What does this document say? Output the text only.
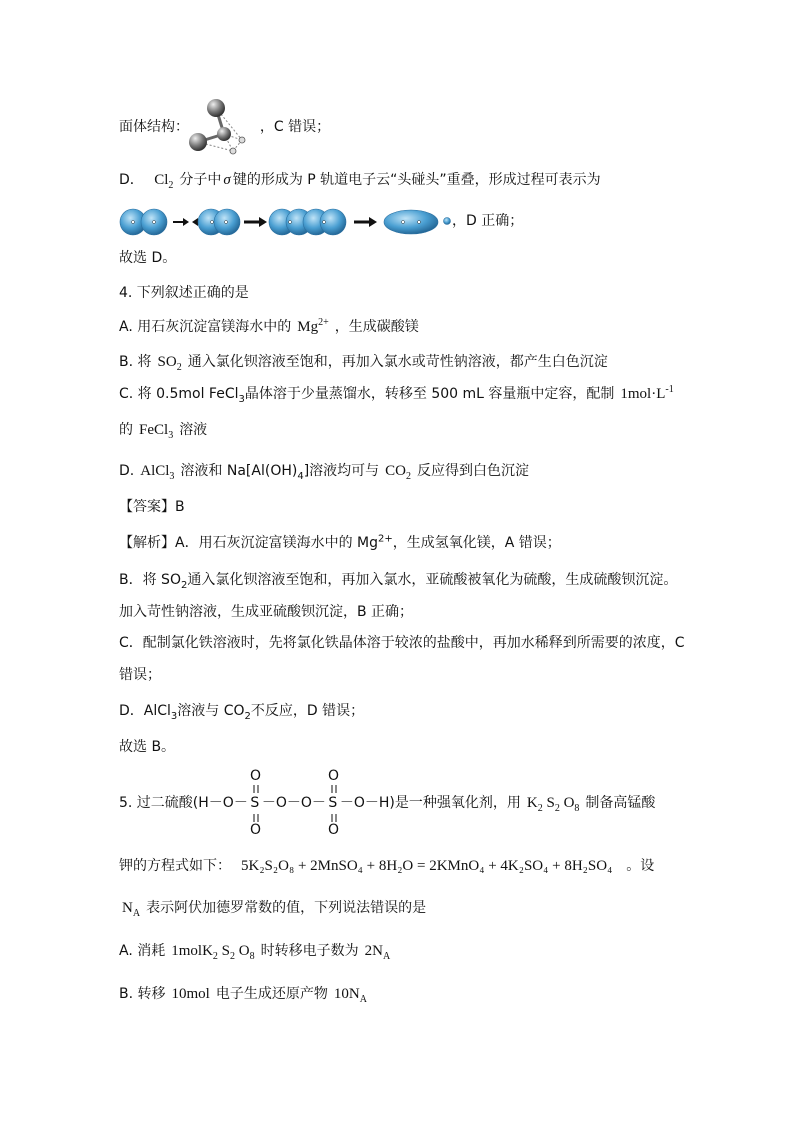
面体结构：	，C 错误；
D． $Cl_2$ 分子中 σ 键的形成为 P 轨道电子云“头碰头”重叠，形成过程可表示为
，D 正确；
故选 D。
4. 下列叙述正确的是
A. 用石灰沉淀富镁海水中的 $Mg^{2+}$ ，生成碳酸镁
B. 将 $SO_2$ 通入氯化钡溶液至饱和，再加入氯水或苛性钠溶液，都产生白色沉淀
C. 将 0.5mol FeCl$_3$晶体溶于少量蒸馏水，转移至 500 mL 容量瓶中定容，配制 $1mol\cdot L^{-1}$
的 FeCl$_3$ 溶液
D. AlCl$_3$ 溶液和 $Na[Al(OH)_4]$溶液均可与 $CO_2$ 反应得到白色沉淀
【答案】B
【解析】A．用石灰沉淀富镁海水中的 $Mg^{2+}$，生成氢氧化镁，A 错误；
B．将 $SO_2$通入氯化钡溶液至饱和，再加入氯水，亚硫酸被氧化为硫酸，生成硫酸钡沉淀。
加入苛性钠溶液，生成亚硫酸钡沉淀，B 正确；
C．配制氯化铁溶液时，先将氯化铁晶体溶于较浓的盐酸中，再加水稀释到所需要的浓度，C
错误；
D．AlCl$_3$溶液与 $CO_2$不反应，D 错误；
故选 B。
5. 过二硫酸(H－O－ S －O－O－ S －O－H)是一种强氧化剂，用 $K_2$ $S_2$ $O_8$ 制备高锰酸
O
O
O
O
钾的方程式如下： 5K₂S₂O₈ + 2MnSO₄ + 8H₂O = 2KMnO₄ + 4K₂SO₄ + 8H₂SO₄ 。设
$N_A$ 表示阿伏加德罗常数的值，下列说法错误的是
A. 消耗 1molK$_2$ $S_2$ $O_8$ 时转移电子数为 $2N_A$
B. 转移 10mol 电子生成还原产物 $10N_A$
